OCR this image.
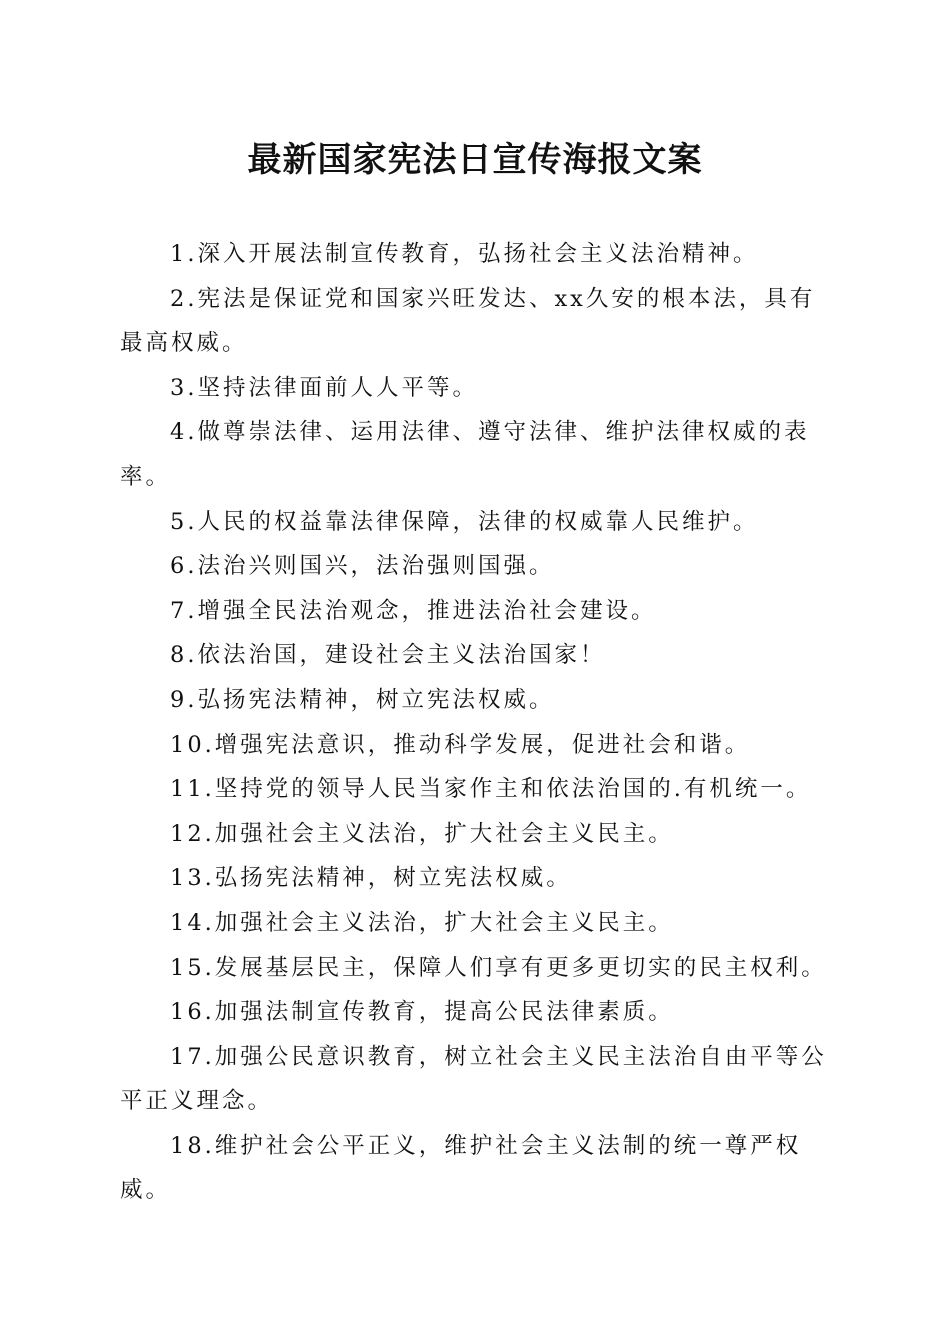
最新国家宪法日宣传海报文案

1.深入开展法制宣传教育，弘扬社会主义法治精神。

2.宪法是保证党和国家兴旺发达、xx久安的根本法，具有最高权威。

3.坚持法律面前人人平等。

4.做尊崇法律、运用法律、遵守法律、维护法律权威的表率。

5.人民的权益靠法律保障，法律的权威靠人民维护。

6.法治兴则国兴，法治强则国强。

7.增强全民法治观念，推进法治社会建设。

8.依法治国，建设社会主义法治国家！

9.弘扬宪法精神，树立宪法权威。

10.增强宪法意识，推动科学发展，促进社会和谐。

11.坚持党的领导人民当家作主和依法治国的.有机统一。

12.加强社会主义法治，扩大社会主义民主。

13.弘扬宪法精神，树立宪法权威。

14.加强社会主义法治，扩大社会主义民主。

15.发展基层民主，保障人们享有更多更切实的民主权利。

16.加强法制宣传教育，提高公民法律素质。

17.加强公民意识教育，树立社会主义民主法治自由平等公平正义理念。

18.维护社会公平正义，维护社会主义法制的统一尊严权威。
